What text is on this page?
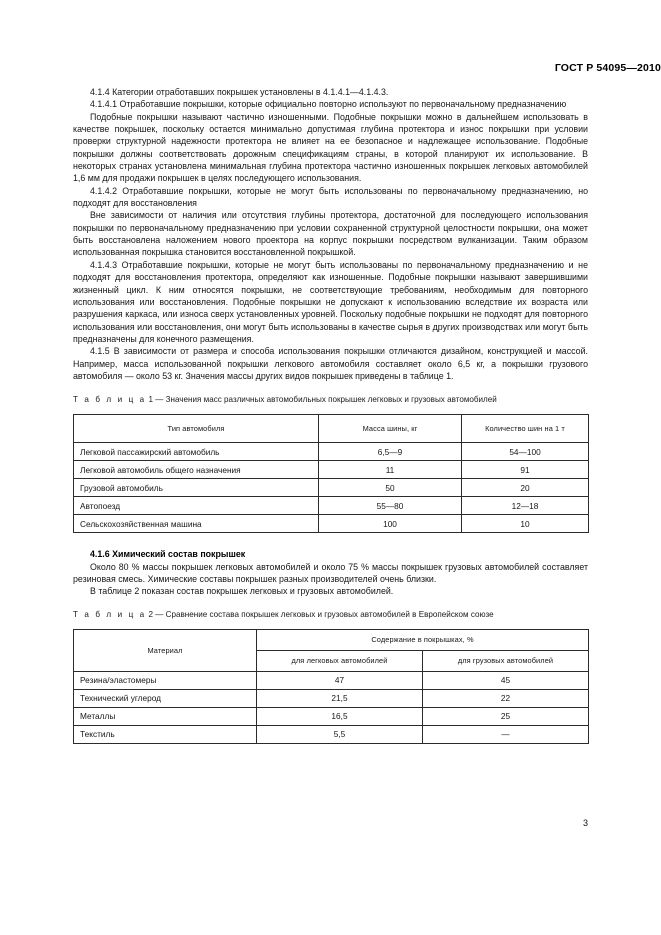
ГОСТ Р 54095—2010

4.1.4 Категории отработавших покрышек установлены в 4.1.4.1—4.1.4.3.

4.1.4.1 Отработавшие покрышки, которые официально повторно используют по первоначальному предназначению

Подобные покрышки называют частично изношенными. Подобные покрышки можно в дальнейшем использовать в качестве покрышек, поскольку остается минимально допустимая глубина протектора и износ покрышки при условии проверки структурной надежности протектора не влияет на ее безопасное и надлежащее использование. Подобные покрышки должны соответствовать дорожным спецификациям страны, в которой планируют их использование. В некоторых странах установлена минимальная глубина протектора частично изношенных покрышек легковых автомобилей 1,6 мм для продажи покрышек в целях последующего использования.

4.1.4.2 Отработавшие покрышки, которые не могут быть использованы по первоначальному предназначению, но подходят для восстановления

Вне зависимости от наличия или отсутствия глубины протектора, достаточной для последующего использования покрышки по первоначальному предназначению при условии сохраненной структурной целостности покрышки, она может быть восстановлена наложением нового проектора на корпус покрышки посредством вулканизации. Таким образом использованная покрышка становится восстановленной покрышкой.

4.1.4.3 Отработавшие покрышки, которые не могут быть использованы по первоначальному предназначению и не подходят для восстановления протектора, определяют как изношенные. Подобные покрышки называют завершившими жизненный цикл. К ним относятся покрышки, не соответствующие требованиям, необходимым для повторного использования или восстановления. Подобные покрышки не допускают к использованию вследствие их возраста или разрушения каркаса, или износа сверх установленных уровней. Поскольку подобные покрышки не подходят для повторного использования или восстановления, они могут быть использованы в качестве сырья в других производствах или могут быть предназначены для конечного размещения.

4.1.5 В зависимости от размера и способа использования покрышки отличаются дизайном, конструкцией и массой. Например, масса использованной покрышки легкового автомобиля составляет около 6,5 кг, а покрышки грузового автомобиля — около 53 кг. Значения массы других видов покрышек приведены в таблице 1.

Т а б л и ц а 1 — Значения масс различных автомобильных покрышек легковых и грузовых автомобилей

Тип автомобиля	Масса шины, кг	Количество шин на 1 т
Легковой пассажирский автомобиль	6,5—9	54—100
Легковой автомобиль общего назначения	11	91
Грузовой автомобиль	50	20
Автопоезд	55—80	12—18
Сельскохозяйственная машина	100	10

4.1.6 Химический состав покрышек

Около 80 % массы покрышек легковых автомобилей и около 75 % массы покрышек грузовых автомобилей составляет резиновая смесь. Химические составы покрышек разных производителей очень близки.

В таблице 2 показан состав покрышек легковых и грузовых автомобилей.

Т а б л и ц а 2 — Сравнение состава покрышек легковых и грузовых автомобилей в Европейском союзе

Материал	Содержание в покрышках, %	
	для легковых автомобилей	для грузовых автомобилей
Резина/эластомеры	47	45
Технический углерод	21,5	22
Металлы	16,5	25
Текстиль	5,5	—
3
